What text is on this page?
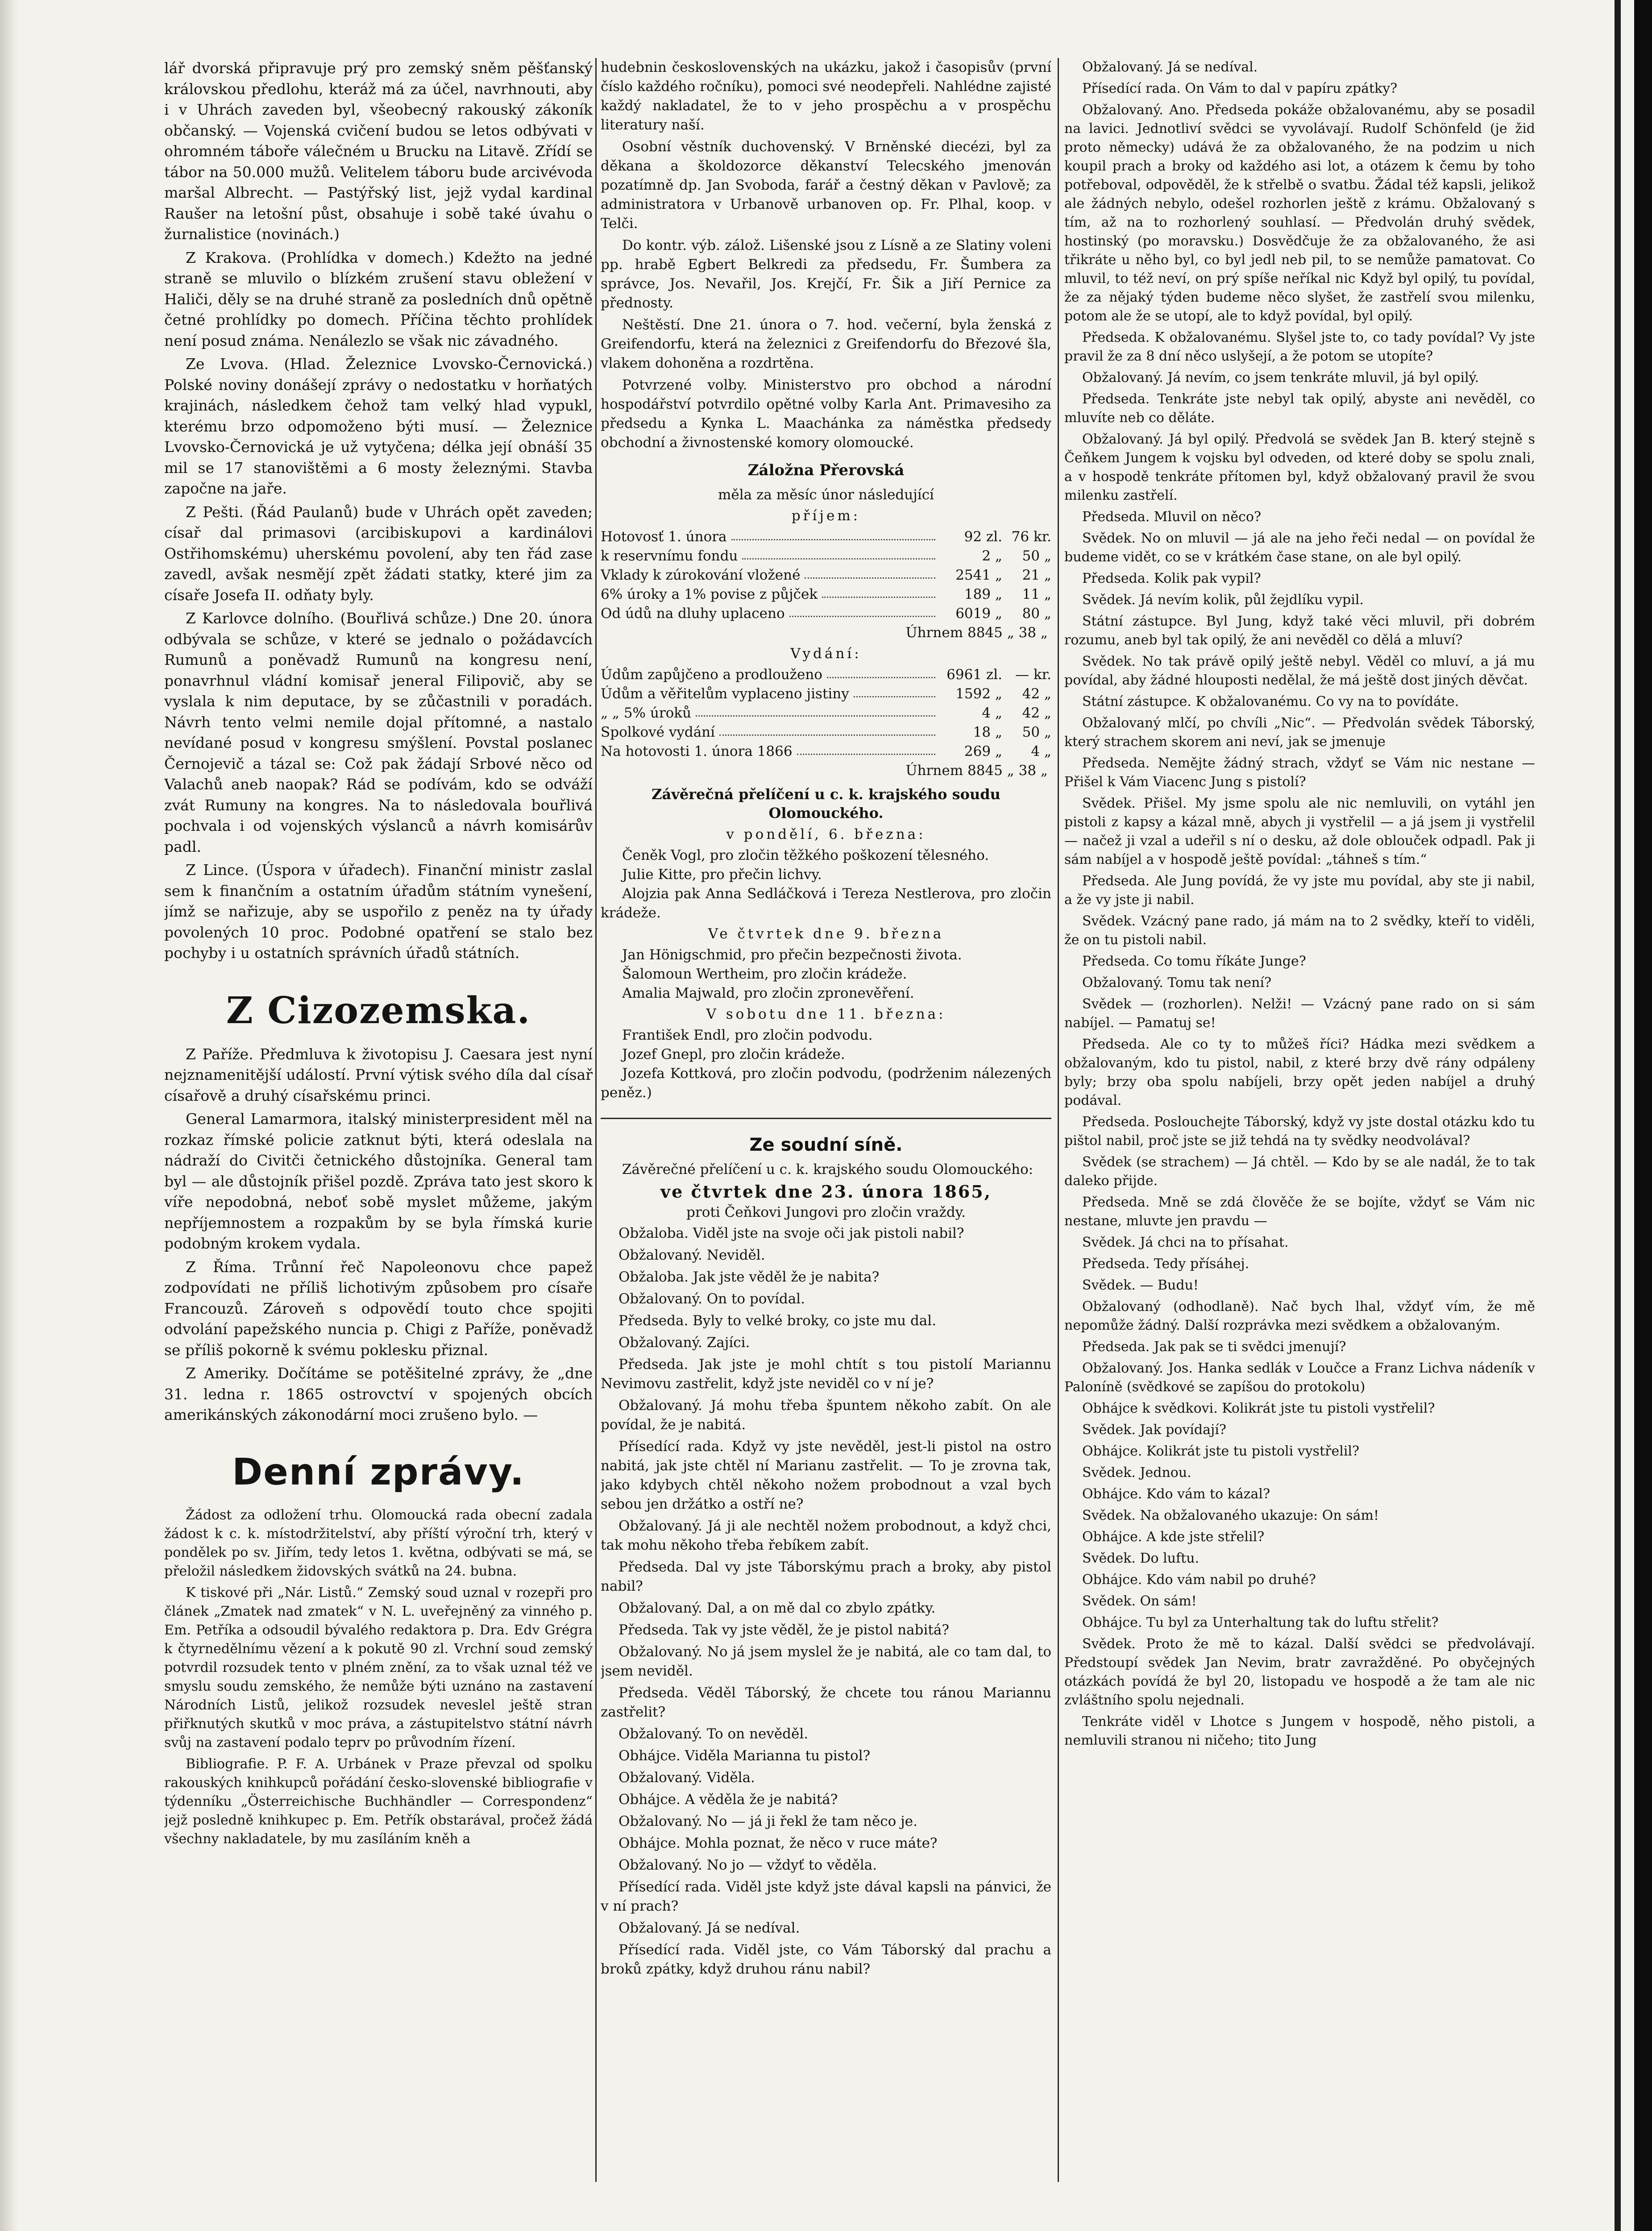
lář dvorská připravuje prý pro zemský sněm pěšťanský královskou předlohu, kteráž má za účel, navrhnouti, aby i v Uhrách zaveden byl, všeobecný rakouský zákoník občanský. — Vojenská cvičení budou se letos odbývati v ohromném táboře válečném u Brucku na Litavě. Zřídí se tábor na 50.000 mužů. Velitelem táboru bude arcivévoda maršal Albrecht. — Pastýřský list, jejž vydal kardinal Raušer na letošní půst, obsahuje i sobě také úvahu o žurnalistice (novinách.)

Z Krakova. (Prohlídka v domech.) Kdežto na jedné straně se mluvilo o blízkém zrušení stavu obležení v Haliči, děly se na druhé straně za posledních dnů opětně četné prohlídky po domech. Příčina těchto prohlídek není posud známa. Nenálezlo se však nic závadného.

Ze Lvova. (Hlad. Železnice Lvovsko-Černovická.) Polské noviny donášejí zprávy o nedostatku v horňatých krajinách, následkem čehož tam velký hlad vypukl, kterému brzo odpomoženo býti musí. — Železnice Lvovsko-Černovická je už vytyčena; délka její obnáší 35 mil se 17 stanovištěmi a 6 mosty železnými. Stavba započne na jaře.

Z Pešti. (Řád Paulanů) bude v Uhrách opět zaveden; císař dal primasovi (arcibiskupovi a kardinálovi Ostřihomskému) uherskému povolení, aby ten řád zase zavedl, avšak nesmějí zpět žádati statky, které jim za císaře Josefa II. odňaty byly.

Z Karlovce dolního. (Bouřlivá schůze.) Dne 20. února odbývala se schůze, v které se jednalo o požádavcích Rumunů a poněvadž Rumunů na kongresu není, ponavrhnul vládní komisař jeneral Filipovič, aby se vyslala k nim deputace, by se zůčastnili v poradách. Návrh tento velmi nemile dojal přítomné, a nastalo nevídané posud v kongresu smýšlení. Povstal poslanec Černojevič a tázal se: Což pak žádají Srbové něco od Valachů aneb naopak? Rád se podívám, kdo se odváží zvát Rumuny na kongres. Na to následovala bouřlivá pochvala i od vojenských výslanců a návrh komisárův padl.

Z Lince. (Úspora v úřadech). Finanční ministr zaslal sem k finančním a ostatním úřadům státním vynešení, jímž se nařizuje, aby se uspořilo z peněz na ty úřady povolených 10 proc. Podobné opatření se stalo bez pochyby i u ostatních správních úřadů státních.

Z Cizozemska.

Z Paříže. Předmluva k životopisu J. Caesara jest nyní nejznamenitější událostí. První výtisk svého díla dal císař císařově a druhý císařskému princi.

General Lamarmora, italský ministerpresident měl na rozkaz římské policie zatknut býti, která odeslala na nádraží do Civitči četnického důstojníka. General tam byl — ale důstojník přišel pozdě. Zpráva tato jest skoro k víře nepodobná, neboť sobě myslet můžeme, jakým nepříjemnostem a rozpakům by se byla římská kurie podobným krokem vydala.

Z Říma. Trůnní řeč Napoleonovu chce papež zodpovídati ne příliš lichotivým způsobem pro císaře Francouzů. Zároveň s odpovědí touto chce spojiti odvolání papežského nuncia p. Chigi z Paříže, poněvadž se příliš pokorně k svému poklesku přiznal.

Z Ameriky. Dočítáme se potěšitelné zprávy, že „dne 31. ledna r. 1865 ostrovctví v spojených obcích amerikánských zákonodární moci zrušeno bylo. —

Denní zprávy.

Žádost za odložení trhu. Olomoucká rada obecní zadala žádost k c. k. místodržitelství, aby příští výroční trh, který v pondělek po sv. Jiřím, tedy letos 1. května, odbývati se má, se přeložil následkem židovských svátků na 24. bubna.

K tiskové při „Nár. Listů.“ Zemský soud uznal v rozepři pro článek „Zmatek nad zmatek“ v N. L. uveřejněný za vinného p. Em. Petříka a odsoudil bývalého redaktora p. Dra. Edv Grégra k čtyrnedělnímu vězení a k pokutě 90 zl. Vrchní soud zemský potvrdil rozsudek tento v plném znění, za to však uznal též ve smyslu soudu zemského, že nemůže býti uznáno na zastavení Národních Listů, jelikož rozsudek neveslel ještě stran přiřknutých skutků v moc práva, a zástupitelstvo státní návrh svůj na zastavení podalo teprv po průvodním řízení.

Bibliografie. P. F. A. Urbánek v Praze převzal od spolku rakouských knihkupců pořádání česko-slovenské bibliografie v týdenníku „Österreichische Buchhändler — Correspondenz“ jejž posledně knihkupec p. Em. Petřík obstarával, pročež žádá všechny nakladatele, by mu zasíláním kněh a

hudebnin československých na ukázku, jakož i časopisův (první číslo každého ročníku), pomoci své neodepřeli. Nahlédne zajisté každý nakladatel, že to v jeho prospěchu a v prospěchu literatury naší.

Osobní věstník duchovenský. V Brněnské diecézi, byl za děkana a školdozorce děkanství Telecského jmenován pozatímně dp. Jan Svoboda, farář a čestný děkan v Pavlově; za administratora v Urbanově urbanoven op. Fr. Plhal, koop. v Telči.

Do kontr. výb. zálož. Lišenské jsou z Lísně a ze Slatiny voleni pp. hrabě Egbert Belkredi za předsedu, Fr. Šumbera za správce, Jos. Nevařil, Jos. Krejčí, Fr. Šik a Jiří Pernice za přednosty.

Neštěstí. Dne 21. února o 7. hod. večerní, byla ženská z Greifendorfu, která na železnici z Greifendorfu do Březové šla, vlakem dohoněna a rozdrtěna.

Potvrzené volby. Ministerstvo pro obchod a národní hospodářství potvrdilo opětné volby Karla Ant. Primavesiho za předsedu a Kynka L. Maachánka za náměstka předsedy obchodní a živnostenské komory olomoucké.

Záložna Přerovská
měla za měsíc únor následující
příjem:
Hotovosť 1. února	92 zl. 76 kr.
k reservnímu fondu	2 „	50 „
Vklady k zúrokování vložené	2541 „	21 „
6% úroky a 1% povise z půjček	189 „	11 „
Od údů na dluhy uplaceno	6019 „	80 „
Úhrnem 8845 „ 38 „
Vydání:
Údům zapůjčeno a prodlouženo	6961 zl. — kr.
Údům a věřitelům vyplaceno jistiny	1592 „	42 „
„ „ 5% úroků	4 „	42 „
Spolkové vydání	18 „	50 „
Na hotovosti 1. února 1866	269 „	4 „
Úhrnem 8845 „ 38 „
Závěrečná přelíčení u c. k. krajského soudu Olomouckého.
v pondělí, 6. března:

Čeněk Vogl, pro zločin těžkého poškození tělesného.

Julie Kitte, pro přečin lichvy.

Alojzia pak Anna Sedláčková i Tereza Nestlerova, pro zločin krádeže.

Ve čtvrtek dne 9. března

Jan Hönigschmid, pro přečin bezpečnosti života.

Šalomoun Wertheim, pro zločin krádeže.

Amalia Majwald, pro zločin zpronevěření.

V sobotu dne 11. března:

František Endl, pro zločin podvodu.

Jozef Gnepl, pro zločin krádeže.

Jozefa Kottková, pro zločin podvodu, (podrženim nálezených peněz.)

Ze soudní síně.

Závěrečné přelíčení u c. k. krajského soudu Olomouckého:

ve čtvrtek dne 23. února 1865,
proti Čeňkovi Jungovi pro zločin vraždy.

Obžaloba. Viděl jste na svoje oči jak pistoli nabil?

Obžalovaný. Neviděl.

Obžaloba. Jak jste věděl že je nabita?

Obžalovaný. On to povídal.

Předseda. Byly to velké broky, co jste mu dal.

Obžalovaný. Zajíci.

Předseda. Jak jste je mohl chtít s tou pistolí Mariannu Nevimovu zastřelit, když jste neviděl co v ní je?

Obžalovaný. Já mohu třeba špuntem někoho zabít. On ale povídal, že je nabitá.

Přísedící rada. Když vy jste nevěděl, jest-li pistol na ostro nabitá, jak jste chtěl ní Marianu zastřelit. — To je zrovna tak, jako kdybych chtěl někoho nožem probodnout a vzal bych sebou jen držátko a ostří ne?

Obžalovaný. Já ji ale nechtěl nožem probodnout, a když chci, tak mohu někoho třeba řebíkem zabít.

Předseda. Dal vy jste Táborskýmu prach a broky, aby pistol nabil?

Obžalovaný. Dal, a on mě dal co zbylo zpátky.

Předseda. Tak vy jste věděl, že je pistol nabitá?

Obžalovaný. No já jsem myslel že je nabitá, ale co tam dal, to jsem neviděl.

Předseda. Věděl Táborský, že chcete tou ránou Mariannu zastřelit?

Obžalovaný. To on nevěděl.

Obhájce. Viděla Marianna tu pistol?

Obžalovaný. Viděla.

Obhájce. A věděla že je nabitá?

Obžalovaný. No — já ji řekl že tam něco je.

Obhájce. Mohla poznat, že něco v ruce máte?

Obžalovaný. No jo — vždyť to věděla.

Přísedící rada. Viděl jste když jste dával kapsli na pánvici, že v ní prach?

Obžalovaný. Já se nedíval.

Přísedící rada. Viděl jste, co Vám Táborský dal prachu a broků zpátky, když druhou ránu nabil?

Obžalovaný. Já se nedíval.

Přísedící rada. On Vám to dal v papíru zpátky?

Obžalovaný. Ano. Předseda pokáže obžalovanému, aby se posadil na lavici. Jednotliví svědci se vyvolávají. Rudolf Schönfeld (je žid proto německy) udává že za obžalovaného, že na podzim u nich koupil prach a broky od každého asi lot, a otázem k čemu by toho potřeboval, odpověděl, že k střelbě o svatbu. Žádal též kapsli, jelikož ale žádných nebylo, odešel rozhorlen ještě z krámu. Obžalovaný s tím, až na to rozhorlený souhlasí. — Předvolán druhý svědek, hostinský (po moravsku.) Dosvědčuje že za obžalovaného, že asi třikráte u něho byl, co byl jedl neb pil, to se nemůže pamatovat. Co mluvil, to též neví, on prý spíše neříkal nic Když byl opilý, tu povídal, že za nějaký týden budeme něco slyšet, že zastřelí svou milenku, potom ale že se utopí, ale to když povídal, byl opilý.

Předseda. K obžalovanému. Slyšel jste to, co tady povídal? Vy jste pravil že za 8 dní něco uslyšejí, a že potom se utopíte?

Obžalovaný. Já nevím, co jsem tenkráte mluvil, já byl opilý.

Předseda. Tenkráte jste nebyl tak opilý, abyste ani nevěděl, co mluvíte neb co děláte.

Obžalovaný. Já byl opilý. Předvolá se svědek Jan B. který stejně s Čeňkem Jungem k vojsku byl odveden, od které doby se spolu znali, a v hospodě tenkráte přítomen byl, když obžalovaný pravil že svou milenku zastřelí.

Předseda. Mluvil on něco?

Svědek. No on mluvil — já ale na jeho řeči nedal — on povídal že budeme vidět, co se v krátkém čase stane, on ale byl opilý.

Předseda. Kolik pak vypil?

Svědek. Já nevím kolik, půl žejdlíku vypil.

Státní zástupce. Byl Jung, když také věci mluvil, při dobrém rozumu, aneb byl tak opilý, že ani nevěděl co dělá a mluví?

Svědek. No tak právě opilý ještě nebyl. Věděl co mluví, a já mu povídal, aby žádné hlouposti nedělal, že má ještě dost jiných děvčat.

Státní zástupce. K obžalovanému. Co vy na to povídáte.

Obžalovaný mlčí, po chvíli „Nic“. — Předvolán svědek Táborský, který strachem skorem ani neví, jak se jmenuje

Předseda. Nemějte žádný strach, vždyť se Vám nic nestane — Přišel k Vám Viacenc Jung s pistolí?

Svědek. Přišel. My jsme spolu ale nic nemluvili, on vytáhl jen pistoli z kapsy a kázal mně, abych ji vystřelil — a já jsem ji vystřelil — načež ji vzal a udeřil s ní o desku, až dole oblouček odpadl. Pak ji sám nabíjel a v hospodě ještě povídal: „táhneš s tím.“

Předseda. Ale Jung povídá, že vy jste mu povídal, aby ste ji nabil, a že vy jste ji nabil.

Svědek. Vzácný pane rado, já mám na to 2 svědky, kteří to viděli, že on tu pistoli nabil.

Předseda. Co tomu říkáte Junge?

Obžalovaný. Tomu tak není?

Svědek — (rozhorlen). Nelži! — Vzácný pane rado on si sám nabíjel. — Pamatuj se!

Předseda. Ale co ty to můžeš říci? Hádka mezi svědkem a obžalovaným, kdo tu pistol, nabil, z které brzy dvě rány odpáleny byly; brzy oba spolu nabíjeli, brzy opět jeden nabíjel a druhý podával.

Předseda. Poslouchejte Táborský, když vy jste dostal otázku kdo tu pištol nabil, proč jste se již tehdá na ty svědky neodvolával?

Svědek (se strachem) — Já chtěl. — Kdo by se ale nadál, že to tak daleko přijde.

Předseda. Mně se zdá člověče že se bojíte, vždyť se Vám nic nestane, mluvte jen pravdu —

Svědek. Já chci na to přísahat.

Předseda. Tedy přísáhej.

Svědek. — Budu!

Obžalovaný (odhodlaně). Nač bych lhal, vždyť vím, že mě nepomůže žádný. Další rozprávka mezi svědkem a obžalovaným.

Předseda. Jak pak se ti svědci jmenují?

Obžalovaný. Jos. Hanka sedlák v Loučce a Franz Lichva nádeník v Paloníně (svědkové se zapíšou do protokolu)

Obhájce k svědkovi. Kolikrát jste tu pistoli vystřelil?

Svědek. Jak povídají?

Obhájce. Kolikrát jste tu pistoli vystřelil?

Svědek. Jednou.

Obhájce. Kdo vám to kázal?

Svědek. Na obžalovaného ukazuje: On sám!

Obhájce. A kde jste střelil?

Svědek. Do luftu.

Obhájce. Kdo vám nabil po druhé?

Svědek. On sám!

Obhájce. Tu byl za Unterhaltung tak do luftu střelit?

Svědek. Proto že mě to kázal. Další svědci se předvolávají. Předstoupí svědek Jan Nevim, bratr zavražděné. Po obyčejných otázkách povídá že byl 20, listopadu ve hospodě a že tam ale nic zvláštního spolu nejednali.

Tenkráte viděl v Lhotce s Jungem v hospodě, něho pistoli, a nemluvili stranou ni ničeho; tito Jung
